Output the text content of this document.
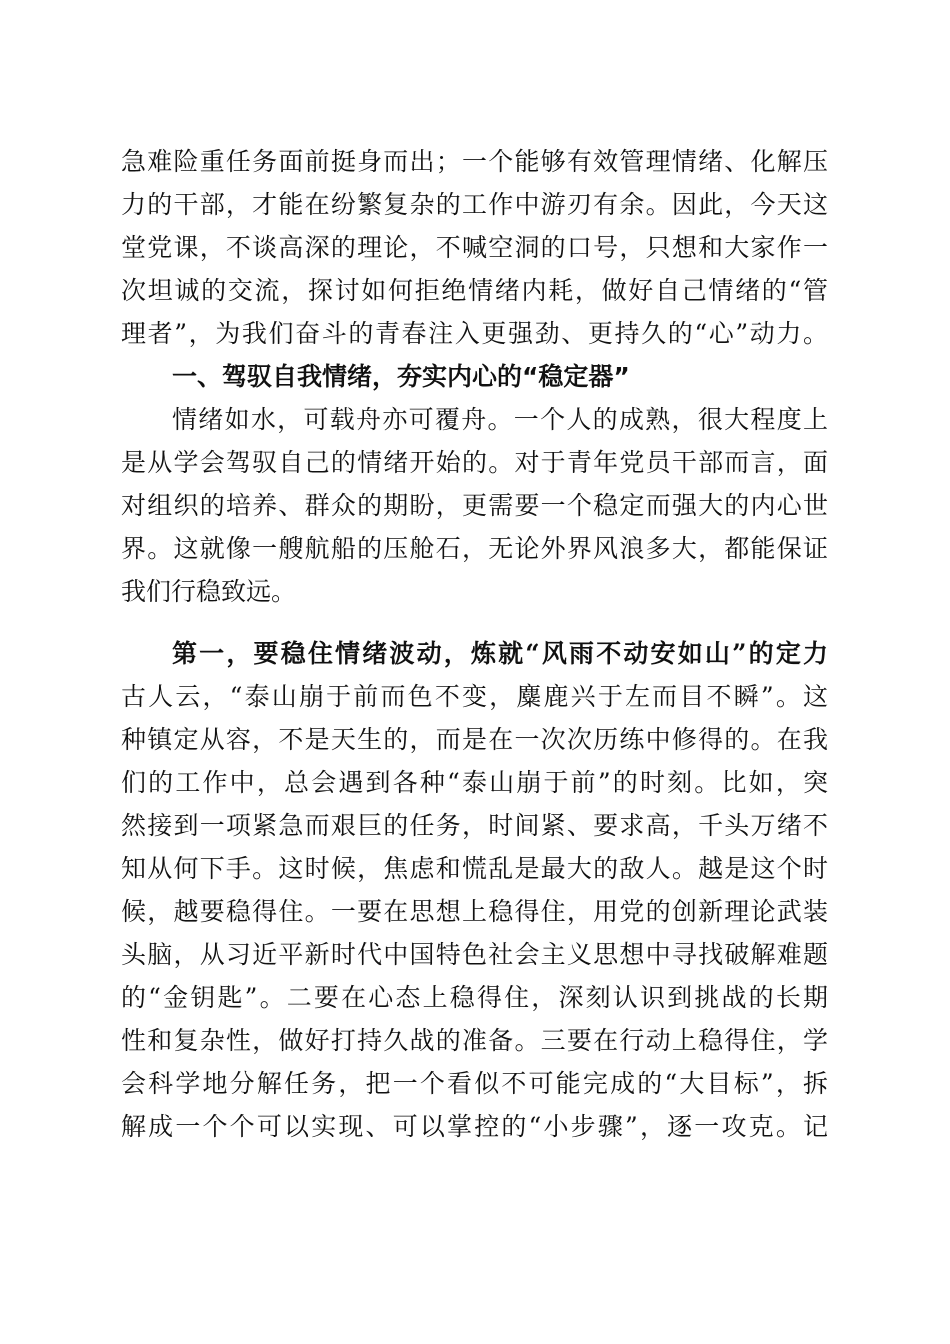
急难险重任务面前挺身而出；一个能够有效管理情绪、化解压
力的干部，才能在纷繁复杂的工作中游刃有余。因此，今天这
堂党课，不谈高深的理论，不喊空洞的口号，只想和大家作一
次坦诚的交流，探讨如何拒绝情绪内耗，做好自己情绪的“管
理者”，为我们奋斗的青春注入更强劲、更持久的“心”动力。
一、驾驭自我情绪，夯实内心的“稳定器”
情绪如水，可载舟亦可覆舟。一个人的成熟，很大程度上
是从学会驾驭自己的情绪开始的。对于青年党员干部而言，面
对组织的培养、群众的期盼，更需要一个稳定而强大的内心世
界。这就像一艘航船的压舱石，无论外界风浪多大，都能保证
我们行稳致远。
第一，要稳住情绪波动，炼就“风雨不动安如山”的定力
古人云，“泰山崩于前而色不变，麋鹿兴于左而目不瞬”。这
种镇定从容，不是天生的，而是在一次次历练中修得的。在我
们的工作中，总会遇到各种“泰山崩于前”的时刻。比如，突
然接到一项紧急而艰巨的任务，时间紧、要求高，千头万绪不
知从何下手。这时候，焦虑和慌乱是最大的敌人。越是这个时
候，越要稳得住。一要在思想上稳得住，用党的创新理论武装
头脑，从习近平新时代中国特色社会主义思想中寻找破解难题
的“金钥匙”。二要在心态上稳得住，深刻认识到挑战的长期
性和复杂性，做好打持久战的准备。三要在行动上稳得住，学
会科学地分解任务，把一个看似不可能完成的“大目标”，拆
解成一个个可以实现、可以掌控的“小步骤”，逐一攻克。记
